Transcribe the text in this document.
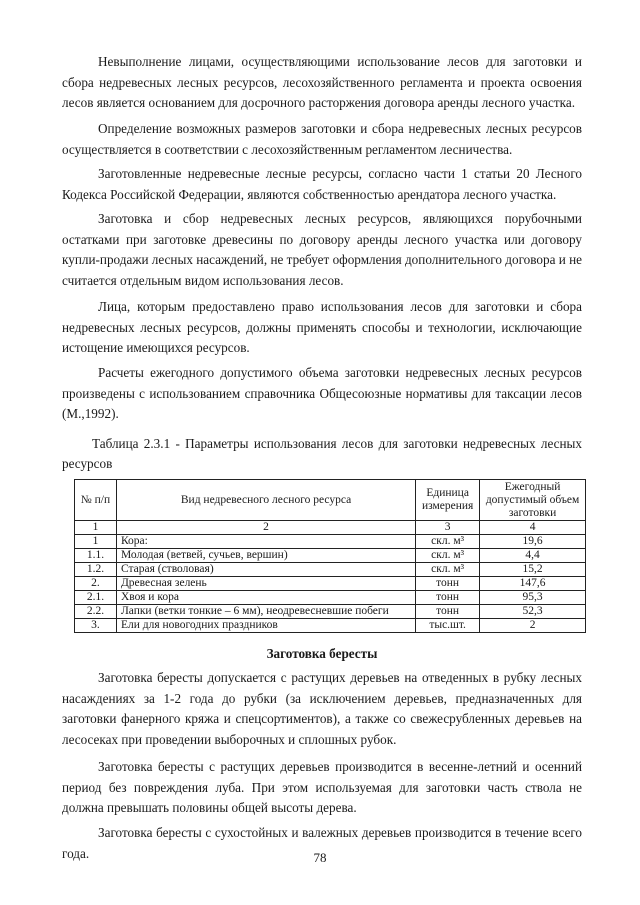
Невыполнение лицами, осуществляющими использование лесов для заготовки и сбора недревесных лесных ресурсов, лесохозяйственного регламента и проекта освоения лесов является основанием для досрочного расторжения договора аренды лесного участка.

Определение возможных размеров заготовки и сбора недревесных лесных ресурсов осуществляется в соответствии с лесохозяйственным регламентом лесничества.

Заготовленные недревесные лесные ресурсы, согласно части 1 статьи 20 Лесного Кодекса Российской Федерации, являются собственностью арендатора лесного участка.

Заготовка и сбор недревесных лесных ресурсов, являющихся порубочными остатками при заготовке древесины по договору аренды лесного участка или договору купли-продажи лесных насаждений, не требует оформления дополнительного договора и не считается отдельным видом использования лесов.

Лица, которым предоставлено право использования лесов для заготовки и сбора недревесных лесных ресурсов, должны применять способы и технологии, исключающие истощение имеющихся ресурсов.

Расчеты ежегодного допустимого объема заготовки недревесных лесных ресурсов произведены с использованием справочника Общесоюзные нормативы для таксации лесов (М.,1992).

Таблица 2.3.1 - Параметры использования лесов для заготовки недревесных лесных ресурсов

№ п/п	Вид недревесного лесного ресурса	Единица измерения	Ежегодный допустимый объем заготовки
1	2	3	4
1	Кора:	скл. м³	19,6
1.1.	Молодая (ветвей, сучьев, вершин)	скл. м³	4,4
1.2.	Старая (стволовая)	скл. м³	15,2
2.	Древесная зелень	тонн	147,6
2.1.	Хвоя и кора	тонн	95,3
2.2.	Лапки (ветки тонкие – 6 мм), неодревесневшие побеги	тонн	52,3
3.	Ели для новогодних праздников	тыс.шт.	2

Заготовка бересты

Заготовка бересты допускается с растущих деревьев на отведенных в рубку лесных насаждениях за 1-2 года до рубки (за исключением деревьев, предназначенных для заготовки фанерного кряжа и спецсортиментов), а также со свежесрубленных деревьев на лесосеках при проведении выборочных и сплошных рубок.

Заготовка бересты с растущих деревьев производится в весенне-летний и осенний период без повреждения луба. При этом используемая для заготовки часть ствола не должна превышать половины общей высоты дерева.

Заготовка бересты с сухостойных и валежных деревьев производится в течение всего года.	78
